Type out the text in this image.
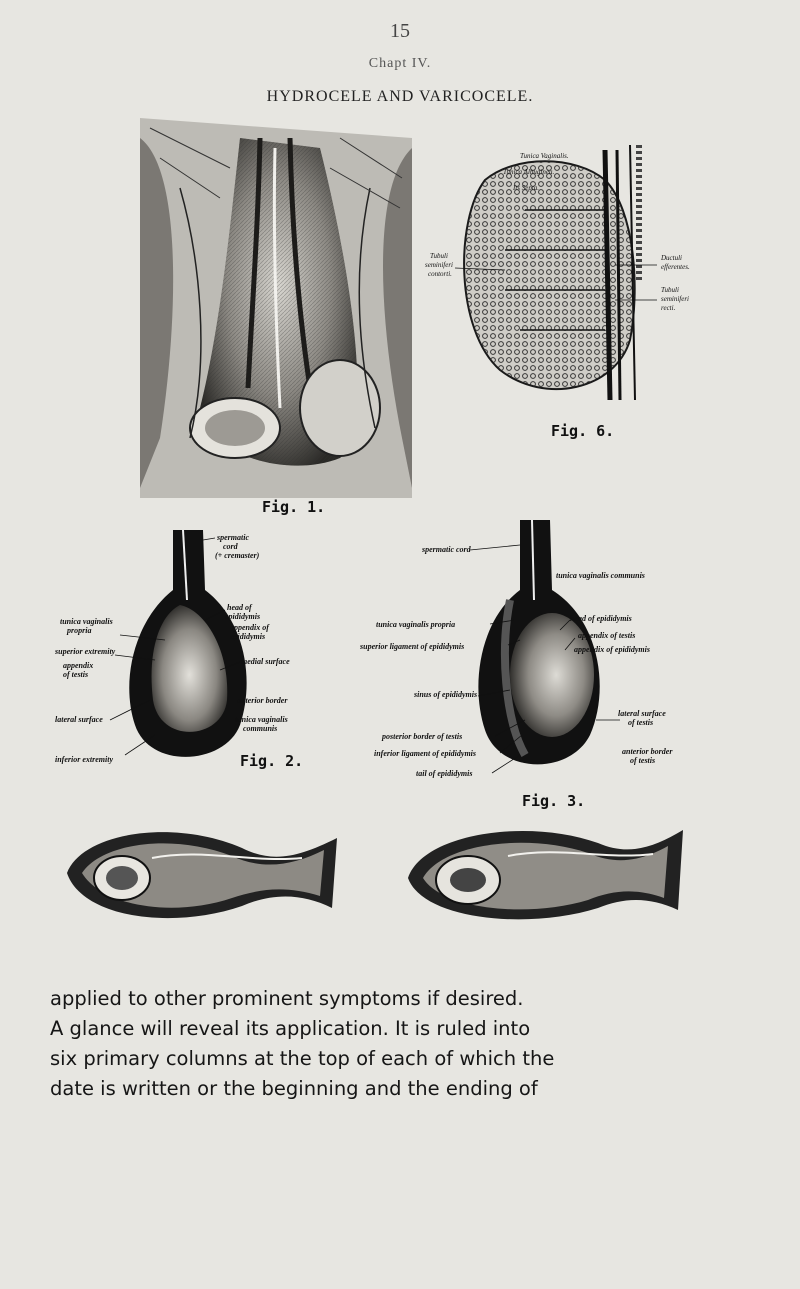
15
Chapt IV.
HYDROCELE AND VARICOCELE.
Fig. 1.
Tunica Vaginalis.
Tunica Albuginea.
Its Septa.
Tubuli
seminiferi
contorti.
Ductuli
efferentes.
Tubuli
seminiferi
recti.
Fig. 6.
spermatic
cord
(+ cremaster)
tunica vaginalis
propria
superior extremity
appendix
of testis
head of
epididymis
appendix of
epididymis
medial surface
anterior border
lateral surface	tunica vaginalis
communis
inferior extremity	Fig. 2.
spermatic cord
tunica vaginalis communis
tunica vaginalis propria
head of epididymis
appendix of testis
superior ligament of epididymis	appendix of epididymis
sinus of epididymis
lateral surface
of testis
posterior border of testis
inferior ligament of epididymis	anterior border
of testis
tail of epididymis
Fig. 3.

applied to other prominent symptoms if desired.

A glance will reveal its application. It is ruled into

six primary columns at the top of each of which the

date is written or the beginning and the ending of
